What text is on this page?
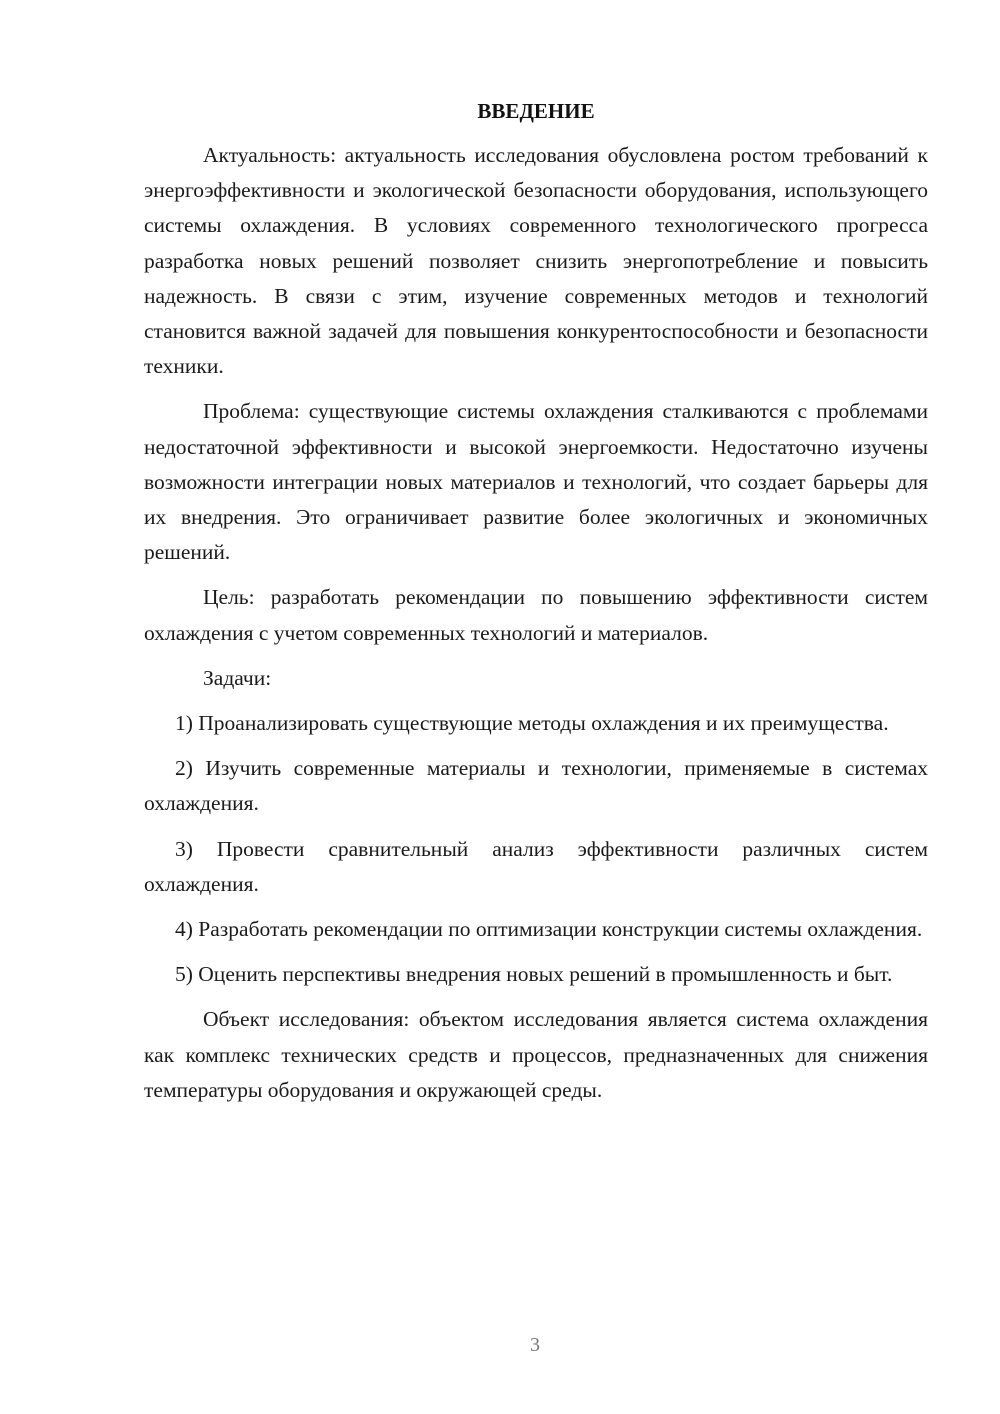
ВВЕДЕНИЕ

Актуальность: актуальность исследования обусловлена ростом требований к энергоэффективности и экологической безопасности оборудования, использующего системы охлаждения. В условиях современного технологического прогресса разработка новых решений позволяет снизить энергопотребление и повысить надежность. В связи с этим, изучение современных методов и технологий становится важной задачей для повышения конкурентоспособности и безопасности техники.

Проблема: существующие системы охлаждения сталкиваются с проблемами недостаточной эффективности и высокой энергоемкости. Недостаточно изучены возможности интеграции новых материалов и технологий, что создает барьеры для их внедрения. Это ограничивает развитие более экологичных и экономичных решений.

Цель: разработать рекомендации по повышению эффективности систем охлаждения с учетом современных технологий и материалов.

Задачи:

1) Проанализировать существующие методы охлаждения и их преимущества.

2) Изучить современные материалы и технологии, применяемые в системах охлаждения.

3) Провести сравнительный анализ эффективности различных систем охлаждения.

4) Разработать рекомендации по оптимизации конструкции системы охлаждения.

5) Оценить перспективы внедрения новых решений в промышленность и быт.

Объект исследования: объектом исследования является система охлаждения как комплекс технических средств и процессов, предназначенных для снижения температуры оборудования и окружающей среды.

3
